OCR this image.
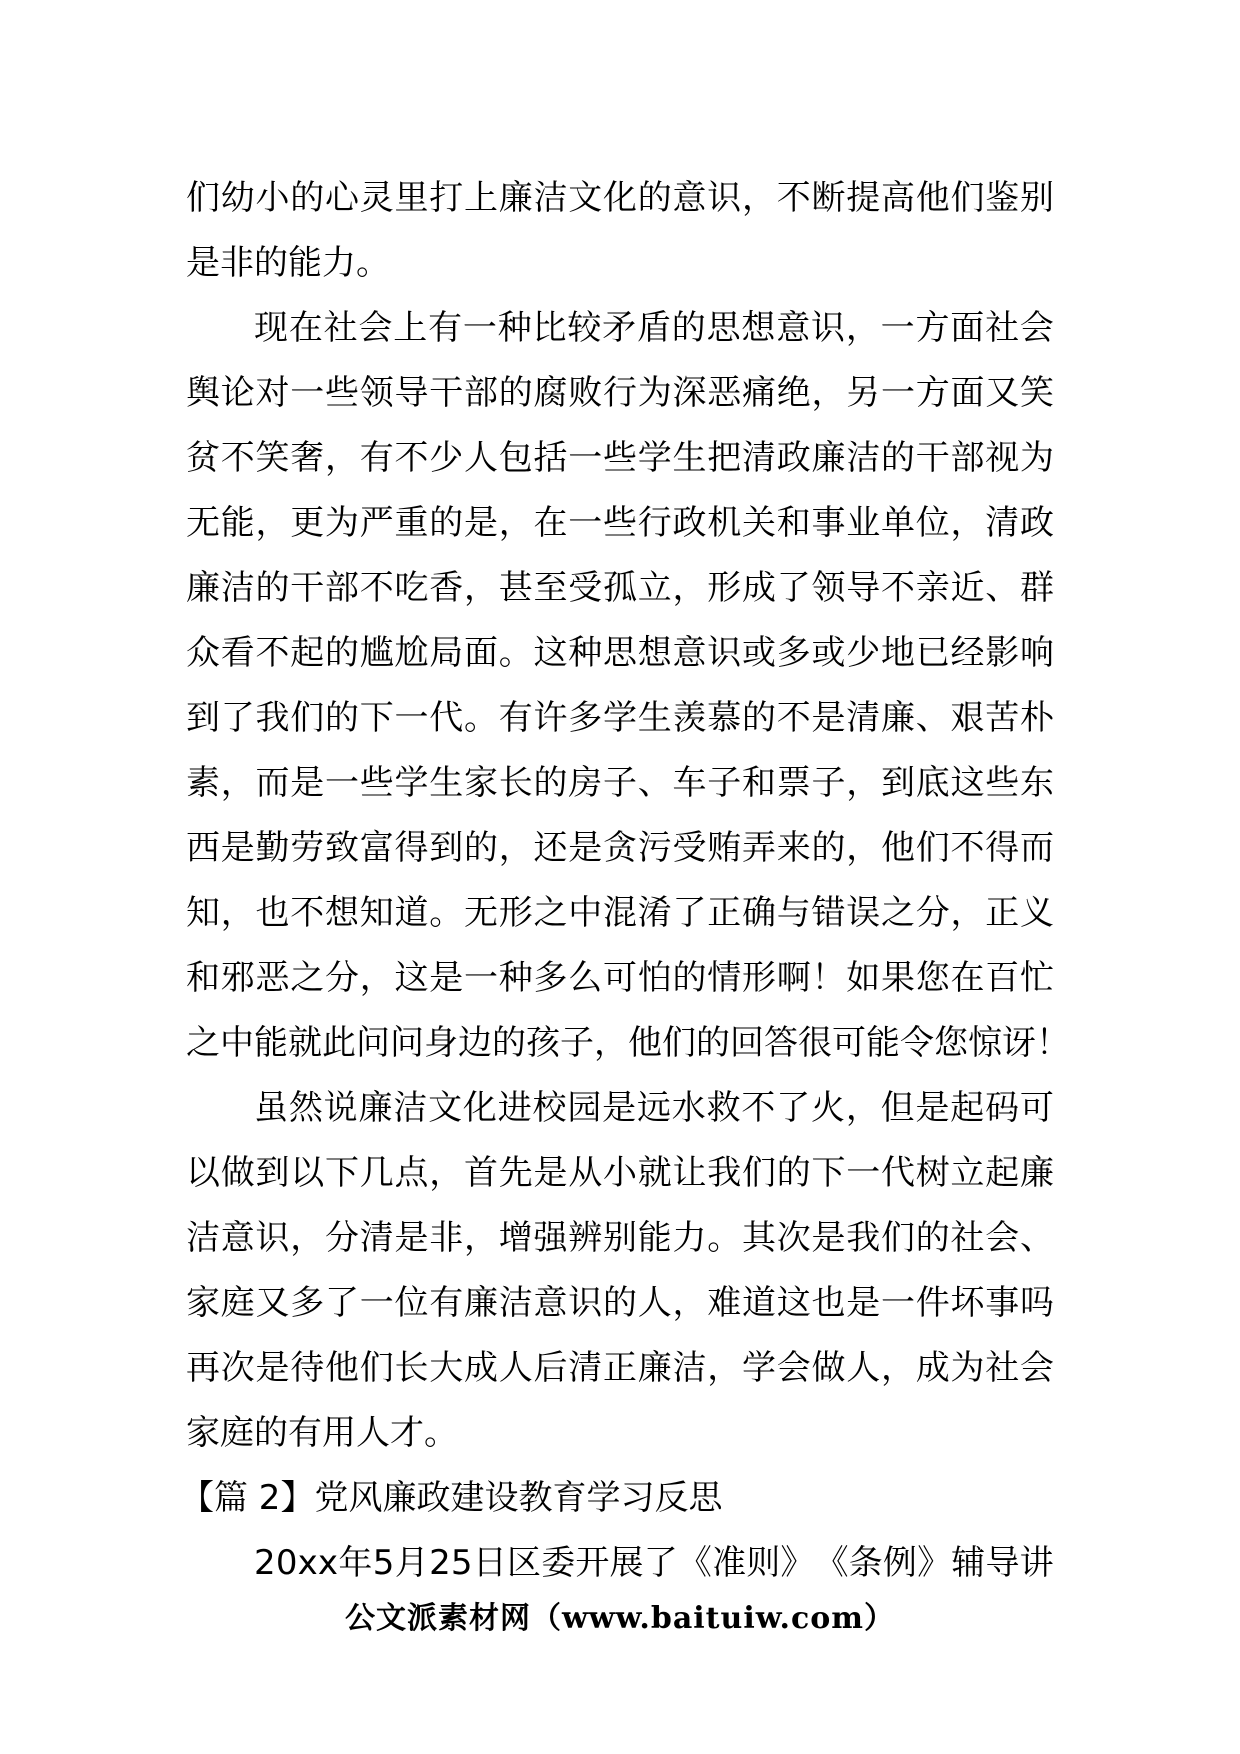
们 幼 小 的 心 灵 里 打 上 廉 洁 文 化 的 意 识 ， 不 断 提 高 他 们 鉴 别
是非的能力。
现 在 社 会 上 有 一 种 比 较 矛 盾 的 思 想 意 识 ， 一 方 面 社 会
舆 论 对 一 些 领 导 干 部 的 腐 败 行 为 深 恶 痛 绝 ， 另 一 方 面 又 笑
贫 不 笑 奢 ， 有 不 少 人 包 括 一 些 学 生 把 清 政 廉 洁 的 干 部 视 为
无 能 ， 更 为 严 重 的 是 ， 在 一 些 行 政 机 关 和 事 业 单 位 ， 清 政
廉 洁 的 干 部 不 吃 香 ， 甚 至 受 孤 立 ， 形 成 了 领 导 不 亲 近 、 群
众 看 不 起 的 尴 尬 局 面 。 这 种 思 想 意 识 或 多 或 少 地 已 经 影 响
到 了 我 们 的 下 一 代 。 有 许 多 学 生 羡 慕 的 不 是 清 廉 、 艰 苦 朴
素 ， 而 是 一 些 学 生 家 长 的 房 子 、 车 子 和 票 子 ， 到 底 这 些 东
西 是 勤 劳 致 富 得 到 的 ， 还 是 贪 污 受 贿 弄 来 的 ， 他 们 不 得 而
知 ， 也 不 想 知 道 。 无 形 之 中 混 淆 了 正 确 与 错 误 之 分 ， 正 义
和 邪 恶 之 分 ， 这 是 一 种 多 么 可 怕 的 情 形 啊 ！ 如 果 您 在 百 忙
之 中 能 就 此 问 问 身 边 的 孩 子 ， 他 们 的 回 答 很 可 能 令 您 惊 讶 ！
虽 然 说 廉 洁 文 化 进 校 园 是 远 水 救 不 了 火 ， 但 是 起 码 可
以 做 到 以 下 几 点 ， 首 先 是 从 小 就 让 我 们 的 下 一 代 树 立 起 廉
洁 意 识 ， 分 清 是 非 ， 增 强 辨 别 能 力 。 其 次 是 我 们 的 社 会 、
家 庭 又 多 了 一 位 有 廉 洁 意 识 的 人 ， 难 道 这 也 是 一 件 坏 事 吗
再 次 是 待 他 们 长 大 成 人 后 清 正 廉 洁 ， 学 会 做 人 ， 成 为 社 会
家庭的有用人才。
【篇 2】党风廉政建设教育学习反思
2 0 x x 年 5 月 2 5 日 区 委 开 展 了 《 准 则 》 《 条 例 》 辅 导 讲
公文派素材网（www.baituiw.com）
